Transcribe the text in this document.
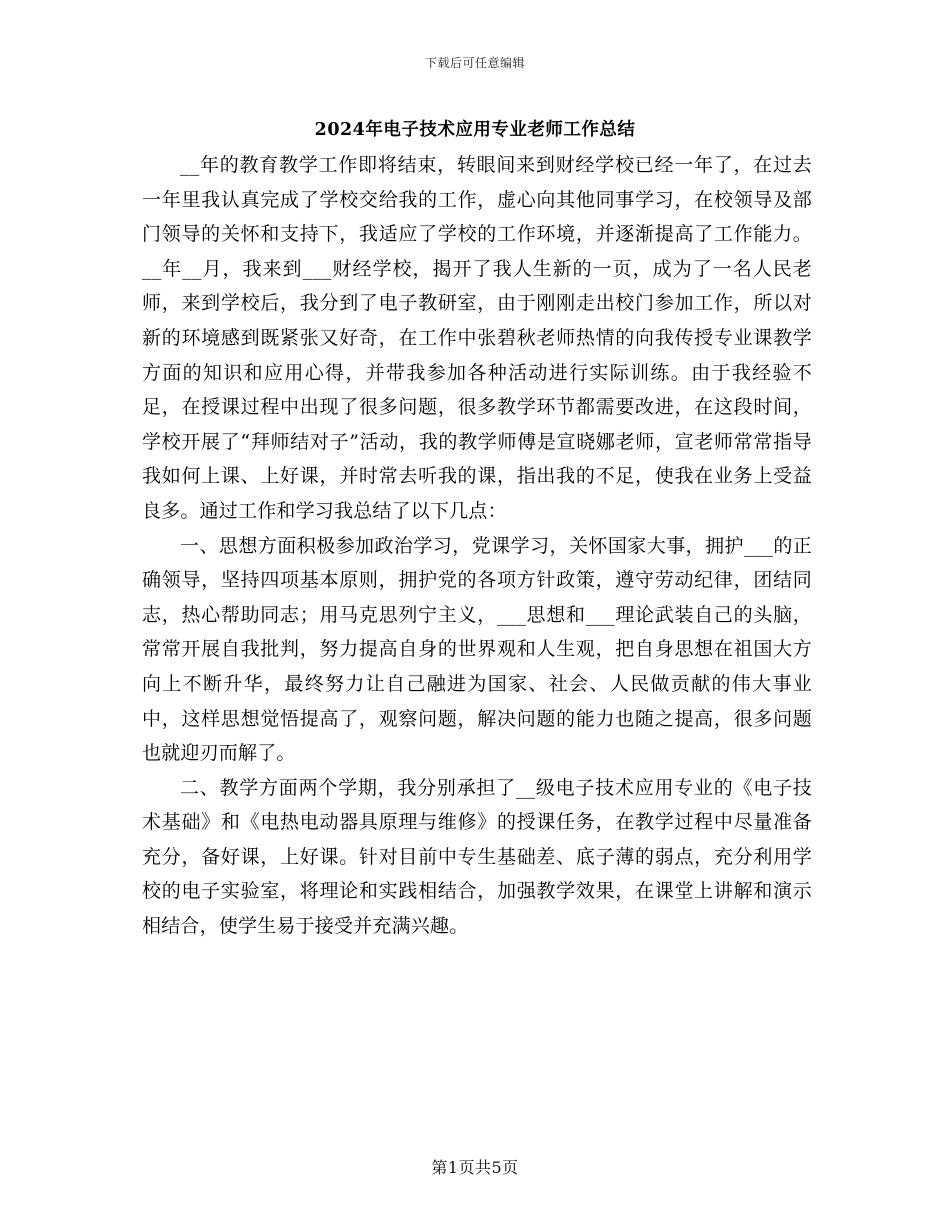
下载后可任意编辑
2024年电子技术应用专业老师工作总结

__年的教育教学工作即将结束，转眼间来到财经学校已经一年了，在过去一年里我认真完成了学校交给我的工作，虚心向其他同事学习，在校领导及部门领导的关怀和支持下，我适应了学校的工作环境，并逐渐提高了工作能力。__年__月，我来到___财经学校，揭开了我人生新的一页，成为了一名人民老师，来到学校后，我分到了电子教研室，由于刚刚走出校门参加工作，所以对新的环境感到既紧张又好奇，在工作中张碧秋老师热情的向我传授专业课教学方面的知识和应用心得，并带我参加各种活动进行实际训练。由于我经验不足，在授课过程中出现了很多问题，很多教学环节都需要改进，在这段时间，学校开展了“拜师结对子”活动，我的教学师傅是宣晓娜老师，宣老师常常指导我如何上课、上好课，并时常去听我的课，指出我的不足，使我在业务上受益良多。通过工作和学习我总结了以下几点：

一、思想方面积极参加政治学习，党课学习，关怀国家大事，拥护___的正确领导，坚持四项基本原则，拥护党的各项方针政策，遵守劳动纪律，团结同志，热心帮助同志；用马克思列宁主义，___思想和___理论武装自己的头脑，常常开展自我批判，努力提高自身的世界观和人生观，把自身思想在祖国大方向上不断升华，最终努力让自己融进为国家、社会、人民做贡献的伟大事业中，这样思想觉悟提高了，观察问题，解决问题的能力也随之提高，很多问题也就迎刃而解了。

二、教学方面两个学期，我分别承担了__级电子技术应用专业的《电子技术基础》和《电热电动器具原理与维修》的授课任务，在教学过程中尽量准备充分，备好课，上好课。针对目前中专生基础差、底子薄的弱点，充分利用学校的电子实验室，将理论和实践相结合，加强教学效果，在课堂上讲解和演示相结合，使学生易于接受并充满兴趣。

第1页共5页
